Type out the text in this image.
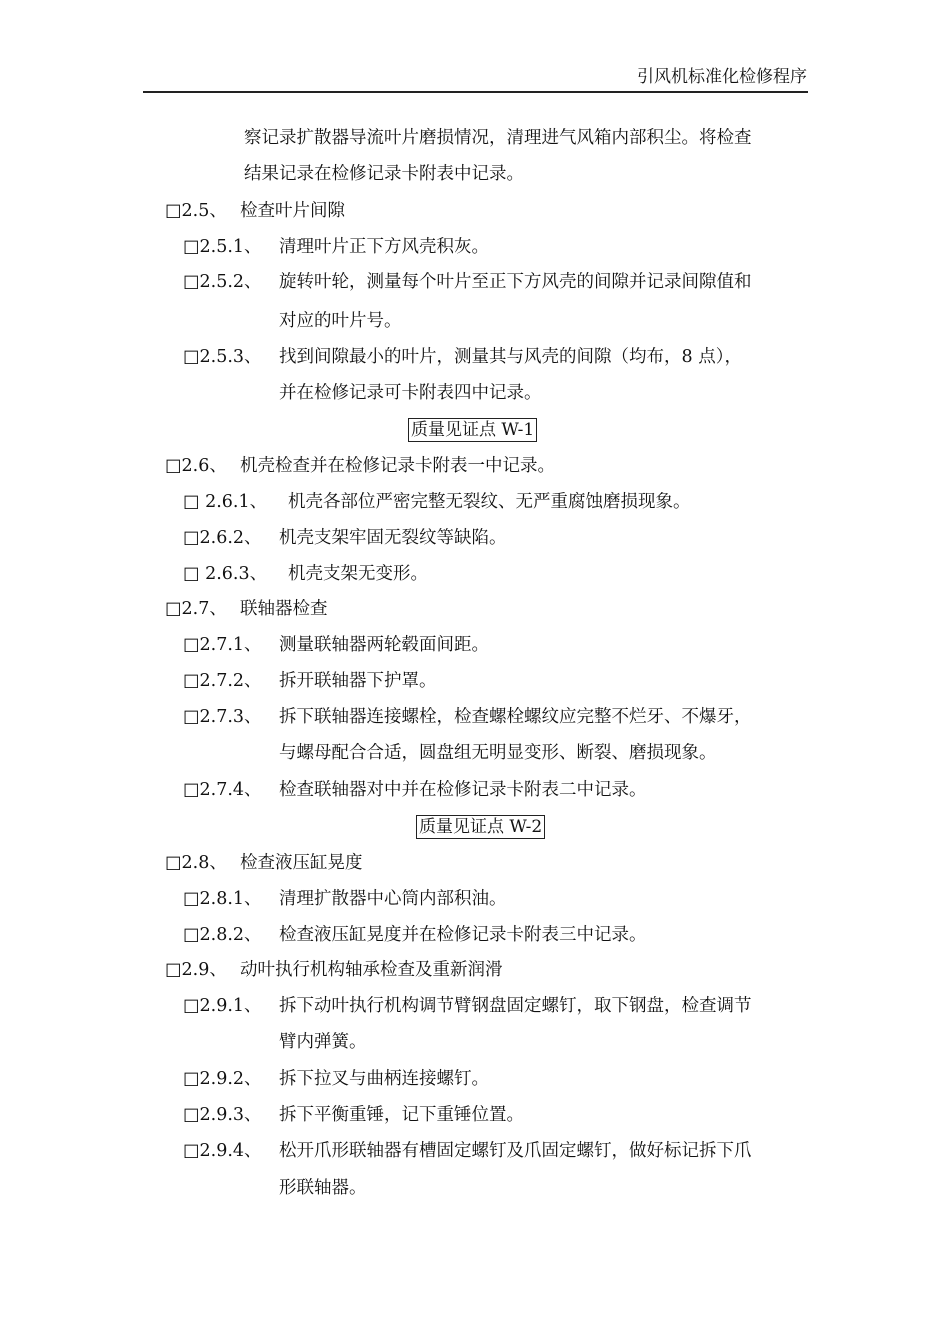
引风机标准化检修程序
察记录扩散器导流叶片磨损情况，清理进气风箱内部积尘。将检查
结果记录在检修记录卡附表中记录。
□2.5、 检查叶片间隙
□2.5.1、 清理叶片正下方风壳积灰。
□2.5.2、 旋转叶轮，测量每个叶片至正下方风壳的间隙并记录间隙值和
对应的叶片号。
□2.5.3、 找到间隙最小的叶片，测量其与风壳的间隙（均布，8 点），
并在检修记录可卡附表四中记录。
质量见证点 W-1
□2.6、 机壳检查并在检修记录卡附表一中记录。
□ 2.6.1、 机壳各部位严密完整无裂纹、无严重腐蚀磨损现象。
□2.6.2、 机壳支架牢固无裂纹等缺陷。
□ 2.6.3、 机壳支架无变形。
□2.7、 联轴器检查
□2.7.1、 测量联轴器两轮毂面间距。
□2.7.2、 拆开联轴器下护罩。
□2.7.3、 拆下联轴器连接螺栓，检查螺栓螺纹应完整不烂牙、不爆牙，
与螺母配合合适，圆盘组无明显变形、断裂、磨损现象。
□2.7.4、 检查联轴器对中并在检修记录卡附表二中记录。
质量见证点 W-2
□2.8、 检查液压缸晃度
□2.8.1、 清理扩散器中心筒内部积油。
□2.8.2、 检查液压缸晃度并在检修记录卡附表三中记录。
□2.9、 动叶执行机构轴承检查及重新润滑
□2.9.1、 拆下动叶执行机构调节臂钢盘固定螺钉，取下钢盘，检查调节
臂内弹簧。
□2.9.2、 拆下拉叉与曲柄连接螺钉。
□2.9.3、 拆下平衡重锤，记下重锤位置。
□2.9.4、 松开爪形联轴器有槽固定螺钉及爪固定螺钉，做好标记拆下爪
形联轴器。
